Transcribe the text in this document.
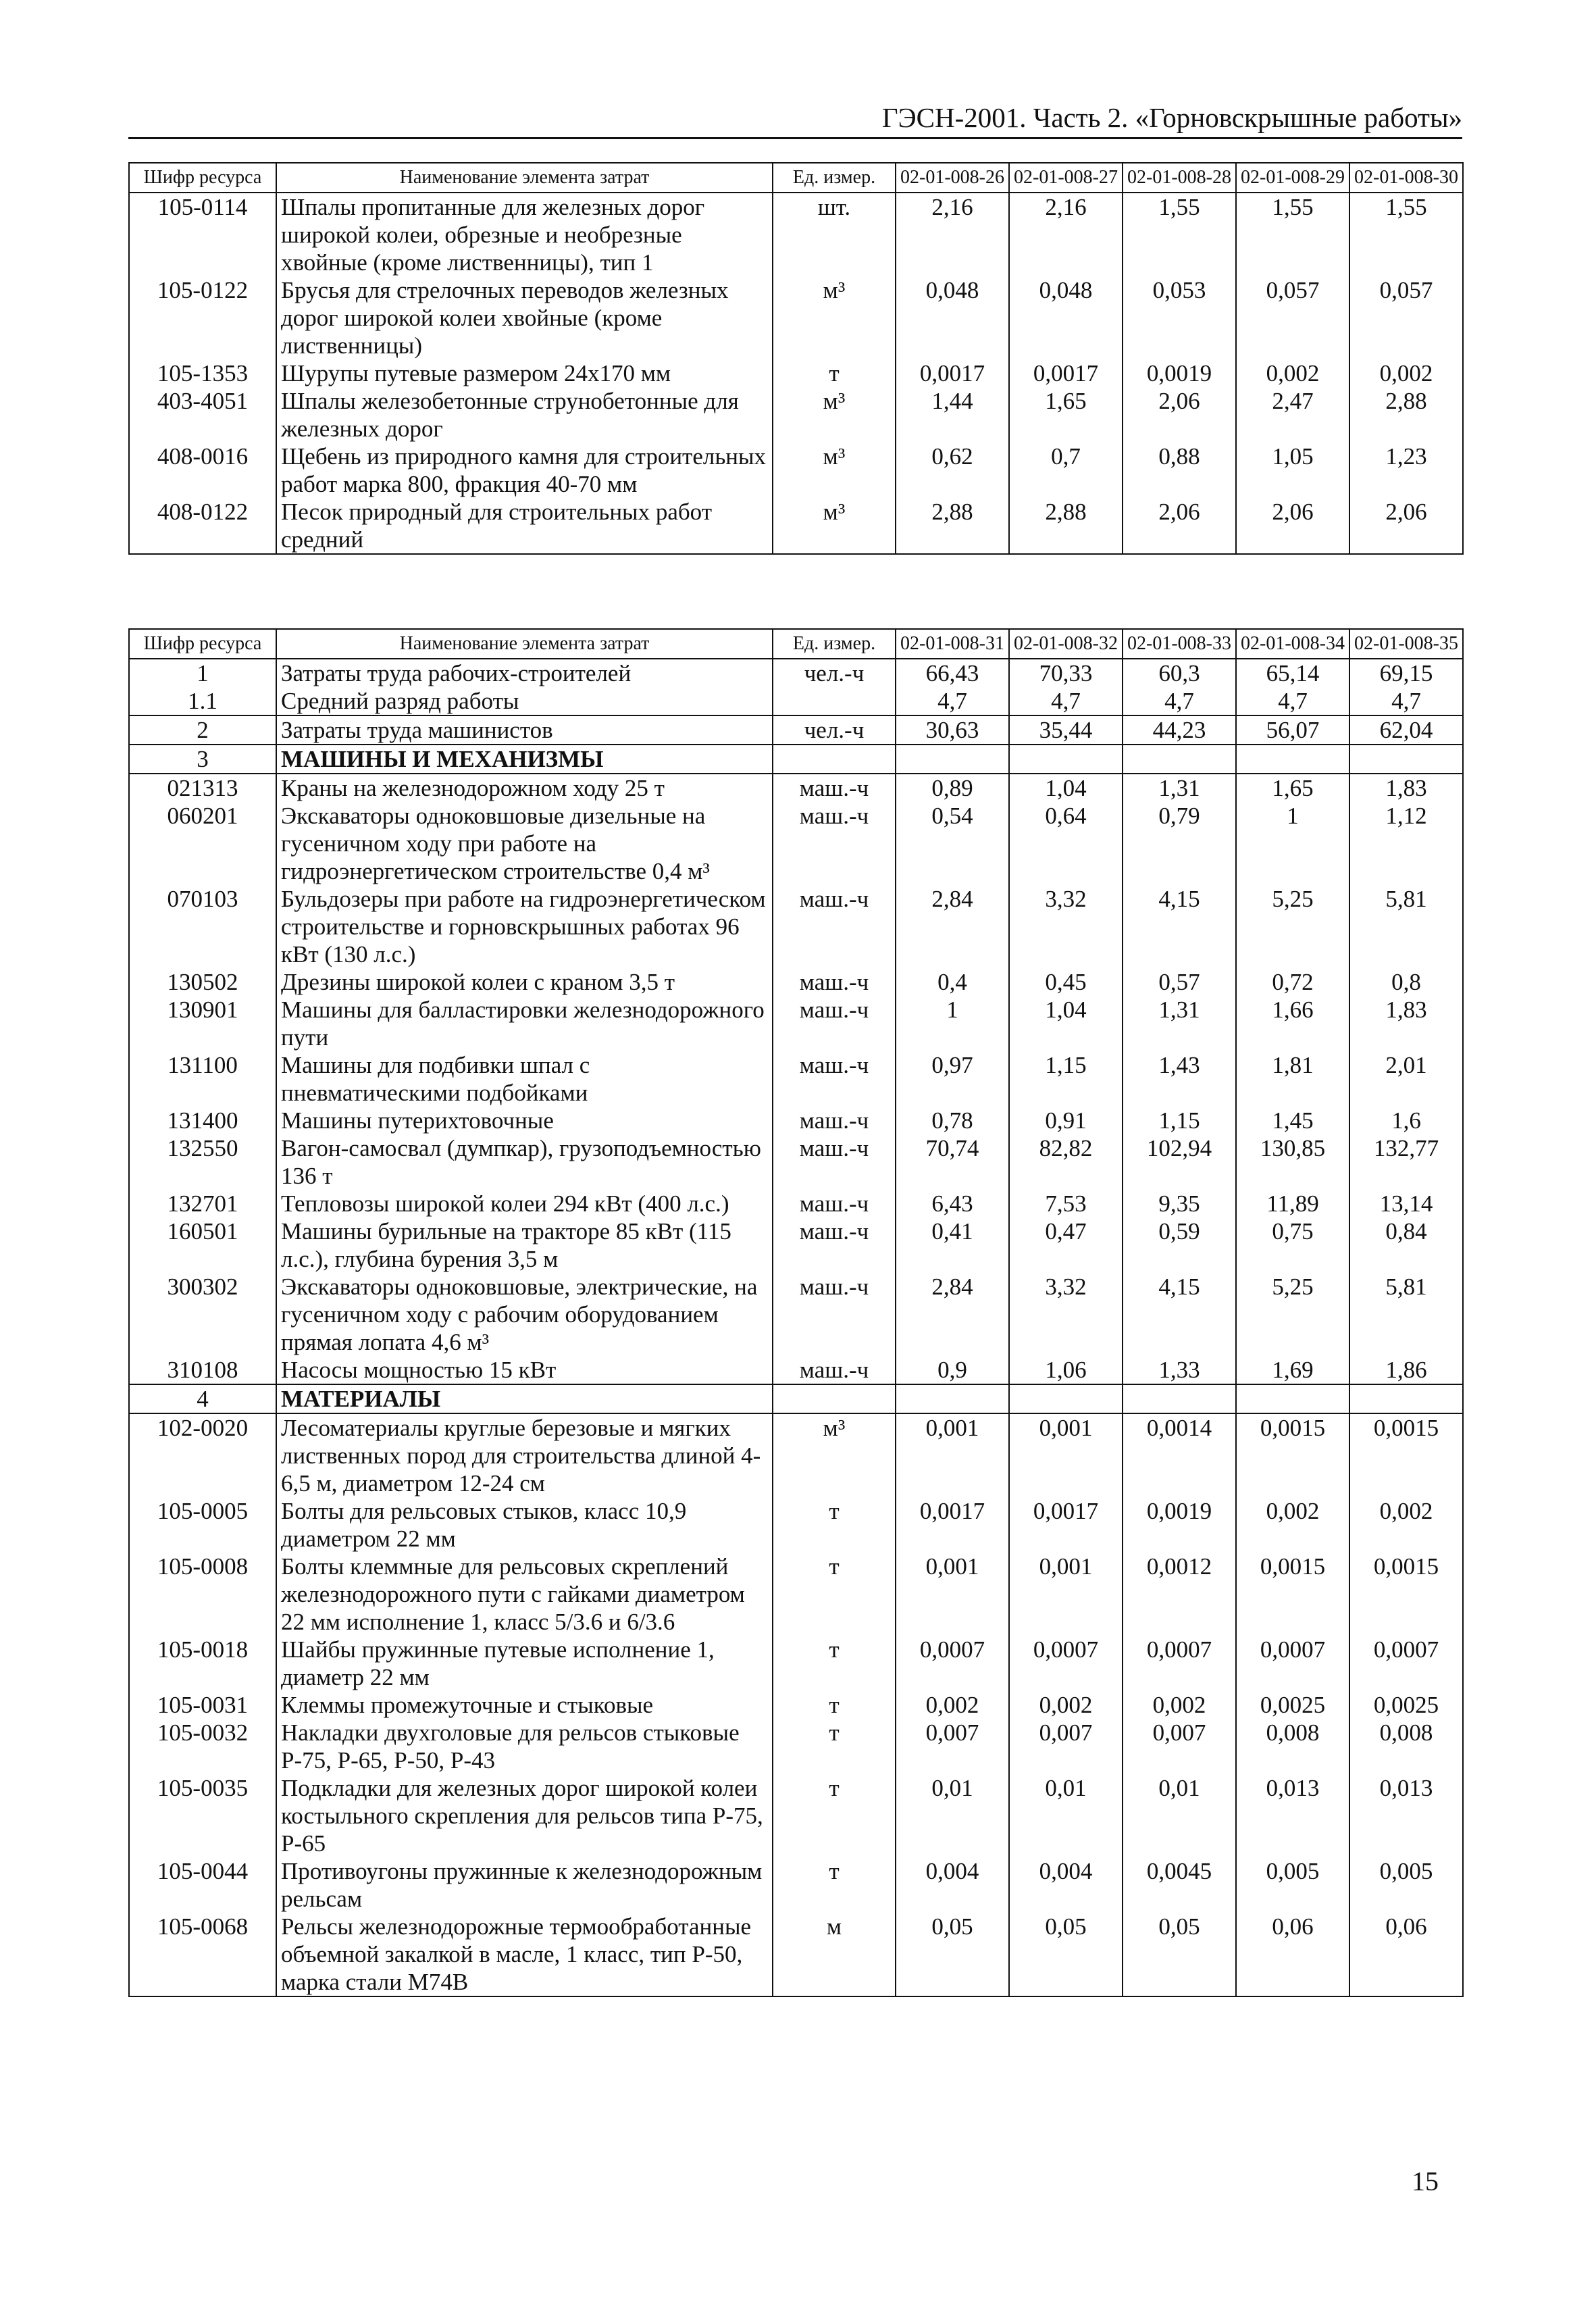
ГЭСН-2001. Часть 2. «Горновскрышные работы»
Шифр ресурса	Наименование элемента затрат	Ед. измер.	02-01-008-26	02-01-008-27	02-01-008-28	02-01-008-29	02-01-008-30
105-0114	Шпалы пропитанные для железных дорог широкой колеи, обрезные и необрезные хвойные (кроме лиственницы), тип 1	шт.	2,16	2,16	1,55	1,55	1,55
105-0122	Брусья для стрелочных переводов железных дорог широкой колеи хвойные (кроме лиственницы)	м³	0,048	0,048	0,053	0,057	0,057
105-1353	Шурупы путевые размером 24x170 мм	т	0,0017	0,0017	0,0019	0,002	0,002
403-4051	Шпалы железобетонные струнобетонные для железных дорог	м³	1,44	1,65	2,06	2,47	2,88
408-0016	Щебень из природного камня для строительных работ марка 800, фракция 40-70 мм	м³	0,62	0,7	0,88	1,05	1,23
408-0122	Песок природный для строительных работ средний	м³	2,88	2,88	2,06	2,06	2,06
Шифр ресурса	Наименование элемента затрат	Ед. измер.	02-01-008-31	02-01-008-32	02-01-008-33	02-01-008-34	02-01-008-35
1	Затраты труда рабочих-строителей	чел.-ч	66,43	70,33	60,3	65,14	69,15
1.1	Средний разряд работы		4,7	4,7	4,7	4,7	4,7
2	Затраты труда машинистов	чел.-ч	30,63	35,44	44,23	56,07	62,04
3	МАШИНЫ И МЕХАНИЗМЫ						
021313	Краны на железнодорожном ходу 25 т	маш.-ч	0,89	1,04	1,31	1,65	1,83
060201	Экскаваторы одноковшовые дизельные на гусеничном ходу при работе на гидроэнергетическом строительстве 0,4 м³	маш.-ч	0,54	0,64	0,79	1	1,12
070103	Бульдозеры при работе на гидроэнергетическом строительстве и горновскрышных работах 96 кВт (130 л.с.)	маш.-ч	2,84	3,32	4,15	5,25	5,81
130502	Дрезины широкой колеи с краном 3,5 т	маш.-ч	0,4	0,45	0,57	0,72	0,8
130901	Машины для балластировки железнодорожного пути	маш.-ч	1	1,04	1,31	1,66	1,83
131100	Машины для подбивки шпал с пневматическими подбойками	маш.-ч	0,97	1,15	1,43	1,81	2,01
131400	Машины путерихтовочные	маш.-ч	0,78	0,91	1,15	1,45	1,6
132550	Вагон-самосвал (думпкар), грузоподъемностью 136 т	маш.-ч	70,74	82,82	102,94	130,85	132,77
132701	Тепловозы широкой колеи 294 кВт (400 л.с.)	маш.-ч	6,43	7,53	9,35	11,89	13,14
160501	Машины бурильные на тракторе 85 кВт (115 л.с.), глубина бурения 3,5 м	маш.-ч	0,41	0,47	0,59	0,75	0,84
300302	Экскаваторы одноковшовые, электрические, на гусеничном ходу с рабочим оборудованием прямая лопата 4,6 м³	маш.-ч	2,84	3,32	4,15	5,25	5,81
310108	Насосы мощностью 15 кВт	маш.-ч	0,9	1,06	1,33	1,69	1,86
4	МАТЕРИАЛЫ						
102-0020	Лесоматериалы круглые березовые и мягких лиственных пород для строительства длиной 4-6,5 м, диаметром 12-24 см	м³	0,001	0,001	0,0014	0,0015	0,0015
105-0005	Болты для рельсовых стыков, класс 10,9 диаметром 22 мм	т	0,0017	0,0017	0,0019	0,002	0,002
105-0008	Болты клеммные для рельсовых скреплений железнодорожного пути с гайками диаметром 22 мм исполнение 1, класс 5/3.6 и 6/3.6	т	0,001	0,001	0,0012	0,0015	0,0015
105-0018	Шайбы пружинные путевые исполнение 1, диаметр 22 мм	т	0,0007	0,0007	0,0007	0,0007	0,0007
105-0031	Клеммы промежуточные и стыковые	т	0,002	0,002	0,002	0,0025	0,0025
105-0032	Накладки двухголовые для рельсов стыковые Р-75, Р-65, Р-50, Р-43	т	0,007	0,007	0,007	0,008	0,008
105-0035	Подкладки для железных дорог широкой колеи костыльного скрепления для рельсов типа Р-75, Р-65	т	0,01	0,01	0,01	0,013	0,013
105-0044	Противоугоны пружинные к железнодорожным рельсам	т	0,004	0,004	0,0045	0,005	0,005
105-0068	Рельсы железнодорожные термообработанные объемной закалкой в масле, 1 класс, тип Р-50, марка стали М74В	м	0,05	0,05	0,05	0,06	0,06
15
